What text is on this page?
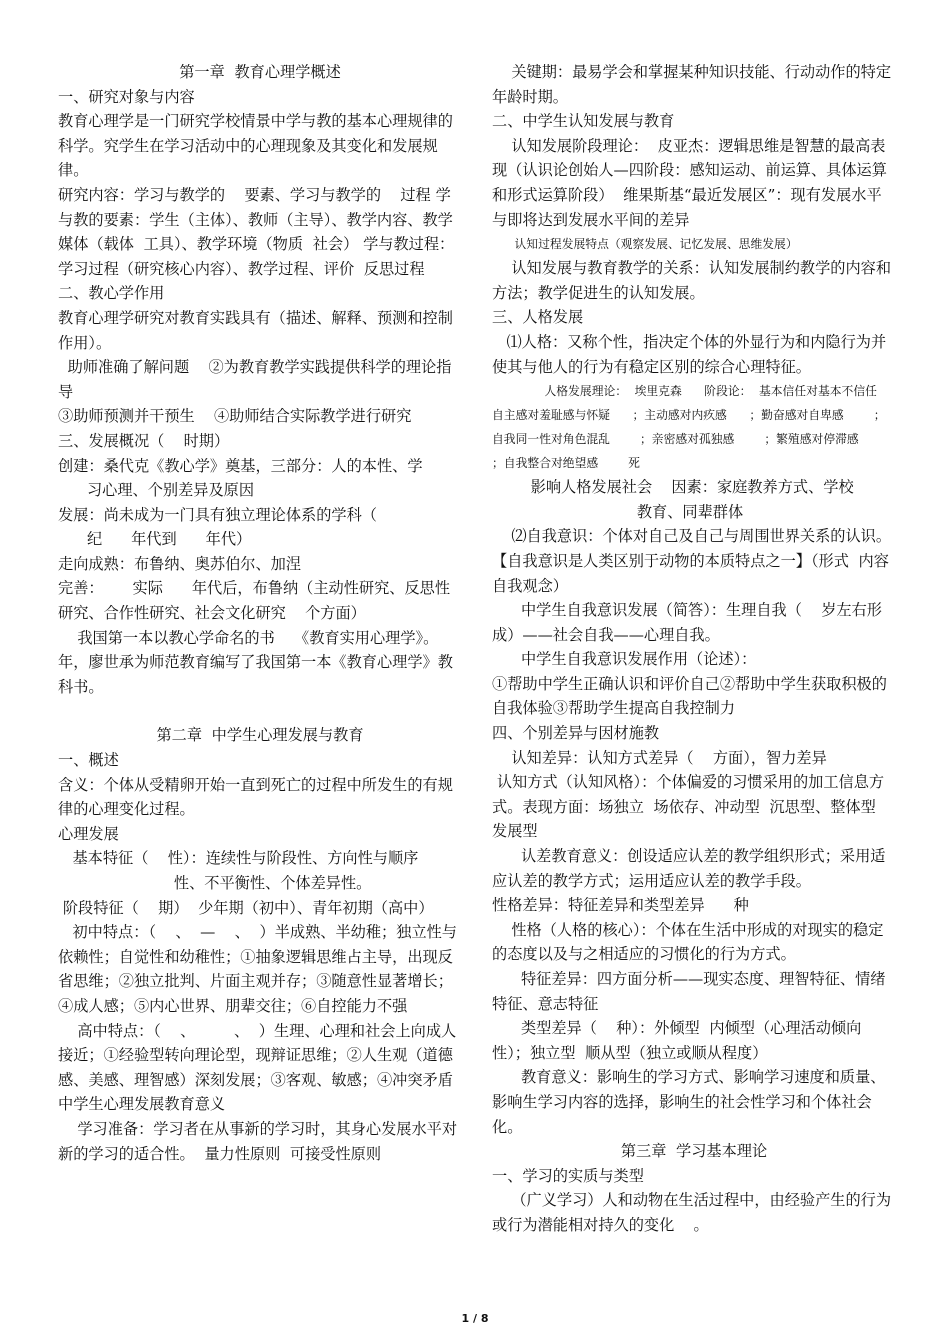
第一章  教育心理学概述

一、研究对象与内容

教育心理学是一门研究学校情景中学与教的基本心理规律的科学。究学生在学习活动中的心理现象及其变化和发展规律。

研究内容：学习与教学的    要素、学习与教学的    过程 学与教的要素：学生（主体）、教师（主导）、教学内容、教学媒体（载体  工具）、教学环境（物质  社会） 学与教过程：学习过程（研究核心内容）、教学过程、评价  反思过程

二、教心学作用

教育心理学研究对教育实践具有（描述、解释、预测和控制作用）。

助师准确了解问题    ②为教育教学实践提供科学的理论指导

③助师预测并干预生    ④助师结合实际教学进行研究

三、发展概况（    时期）

创建：桑代克《教心学》奠基，三部分：人的本性、学

习心理、个别差异及原因

发展：尚未成为一门具有独立理论体系的学科（

纪      年代到      年代）

走向成熟：布鲁纳、奥苏伯尔、加涅

完善：      实际      年代后，布鲁纳（主动性研究、反思性研究、合作性研究、社会文化研究    个方面）

我国第一本以教心学命名的书    《教育实用心理学》。      年，廖世承为师范教育编写了我国第一本《教育心理学》教科书。

第二章  中学生心理发展与教育

一、概述

含义：个体从受精卵开始一直到死亡的过程中所发生的有规律的心理变化过程。

心理发展

基本特征（    性）：连续性与阶段性、方向性与顺序

性、不平衡性、个体差异性。

阶段特征（    期）  少年期（初中）、青年初期（高中）

初中特点：（    、  —    、  ）半成熟、半幼稚；独立性与依赖性；自觉性和幼稚性；①抽象逻辑思维占主导，出现反省思维；②独立批判、片面主观并存；③随意性显著增长；④成人感；⑤内心世界、朋辈交往；⑥自控能力不强

高中特点：（    、        、  ）生理、心理和社会上向成人接近；①经验型转向理论型，现辩证思维；②人生观（道德感、美感、理智感）深刻发展；③客观、敏感；④冲突矛盾

中学生心理发展教育意义

学习准备：学习者在从事新的学习时，其身心发展水平对新的学习的适合性。  量力性原则  可接受性原则

关键期：最易学会和掌握某种知识技能、行动动作的特定年龄时期。

二、中学生认知发展与教育

认知发展阶段理论：  皮亚杰：逻辑思维是智慧的最高表现（认识论创始人—四阶段：感知运动、前运算、具体运算和形式运算阶段）  维果斯基“最近发展区”：现有发展水平与即将达到发展水平间的差异

认知过程发展特点（观察发展、记忆发展、思维发展）

认知发展与教育教学的关系：认知发展制约教学的内容和方法；教学促进生的认知发展。

三、人格发展

⑴人格：又称个性，指决定个体的外显行为和内隐行为并使其与他人的行为有稳定区别的综合心理特征。

人格发展理论：  埃里克森      阶段论：  基本信任对基本不信任        自主感对羞耻感与怀疑      ；主动感对内疚感      ；勤奋感对自卑感        ；自我同一性对角色混乱        ；亲密感对孤独感        ；繁殖感对停滞感          ；自我整合对绝望感        死

影响人格发展社会    因素：家庭教养方式、学校

教育、同辈群体

⑵自我意识：个体对自己及自己与周围世界关系的认识。【自我意识是人类区别于动物的本质特点之一】（形式  内容  自我观念）

中学生自我意识发展（简答）：生理自我（    岁左右形成）——社会自我——心理自我。

中学生自我意识发展作用（论述）：

①帮助中学生正确认识和评价自己②帮助中学生获取积极的自我体验③帮助学生提高自我控制力

四、个别差异与因材施教

认知差异：认知方式差异（    方面），智力差异

认知方式（认知风格）：个体偏爱的习惯采用的加工信息方式。表现方面：场独立  场依存、冲动型  沉思型、整体型  发展型

认差教育意义：创设适应认差的教学组织形式；采用适应认差的教学方式；运用适应认差的教学手段。

性格差异：特征差异和类型差异      种

性格（人格的核心）：个体在生活中形成的对现实的稳定的态度以及与之相适应的习惯化的行为方式。

特征差异：四方面分析——现实态度、理智特征、情绪特征、意志特征

类型差异（    种）：外倾型  内倾型（心理活动倾向性）；独立型  顺从型（独立或顺从程度）

教育意义：影响生的学习方式、影响学习速度和质量、影响生学习内容的选择，影响生的社会性学习和个体社会化。

第三章  学习基本理论

一、学习的实质与类型

（广义学习）人和动物在生活过程中，由经验产生的行为或行为潜能相对持久的变化    。

1 / 8
